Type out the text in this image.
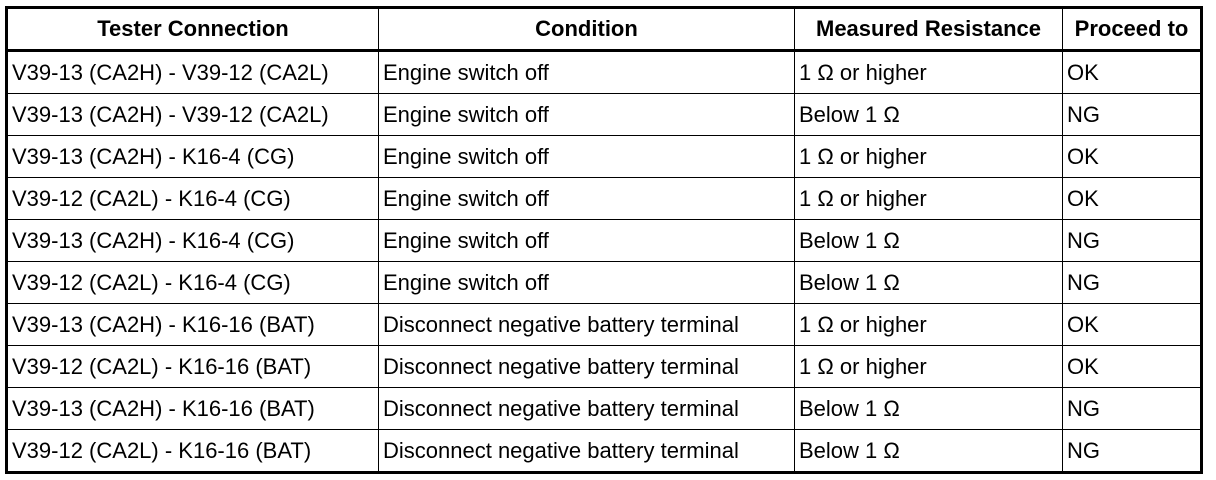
Tester Connection	Condition	Measured Resistance	Proceed to
V39-13 (CA2H) - V39-12 (CA2L)	Engine switch off	1 Ω or higher	OK
V39-13 (CA2H) - V39-12 (CA2L)	Engine switch off	Below 1 Ω	NG
V39-13 (CA2H) - K16-4 (CG)	Engine switch off	1 Ω or higher	OK
V39-12 (CA2L) - K16-4 (CG)	Engine switch off	1 Ω or higher	OK
V39-13 (CA2H) - K16-4 (CG)	Engine switch off	Below 1 Ω	NG
V39-12 (CA2L) - K16-4 (CG)	Engine switch off	Below 1 Ω	NG
V39-13 (CA2H) - K16-16 (BAT)	Disconnect negative battery terminal	1 Ω or higher	OK
V39-12 (CA2L) - K16-16 (BAT)	Disconnect negative battery terminal	1 Ω or higher	OK
V39-13 (CA2H) - K16-16 (BAT)	Disconnect negative battery terminal	Below 1 Ω	NG
V39-12 (CA2L) - K16-16 (BAT)	Disconnect negative battery terminal	Below 1 Ω	NG
